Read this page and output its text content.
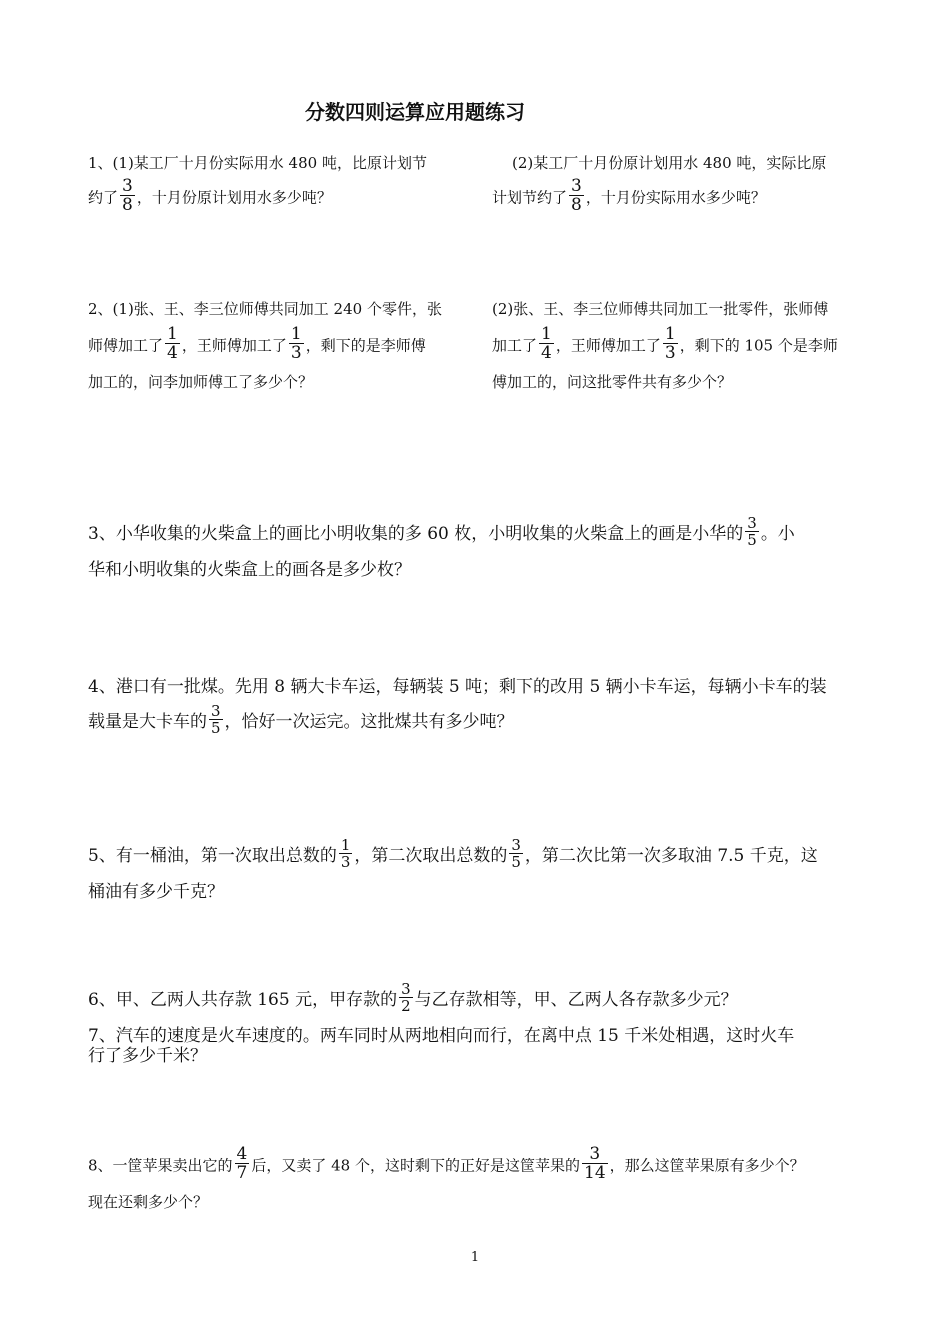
分数四则运算应用题练习
1、(1)某工厂十月份实际用水 480 吨，比原计划节
约了 $\frac{3}{8}$ ，十月份原计划用水多少吨？
(2)某工厂十月份原计划用水 480 吨，实际比原
计划节约了 $\frac{3}{8}$ ，十月份实际用水多少吨？
2、(1)张、王、李三位师傅共同加工 240 个零件，张
师傅加工了 $\frac{1}{4}$ ，王师傅加工了 $\frac{1}{3}$ ，剩下的是李师傅
加工的，问李加师傅工了多少个？
(2)张、王、李三位师傅共同加工一批零件，张师傅
加工了 $\frac{1}{4}$ ，王师傅加工了 $\frac{1}{3}$ ，剩下的 105 个是李师
傅加工的，问这批零件共有多少个？
3、小华收集的火柴盒上的画比小明收集的多 60 枚，小明收集的火柴盒上的画是小华的 $\frac{3}{5}$ 。小
华和小明收集的火柴盒上的画各是多少枚？
4、港口有一批煤。先用 8 辆大卡车运，每辆装 5 吨；剩下的改用 5 辆小卡车运，每辆小卡车的装
载量是大卡车的 $\frac{3}{5}$ ，恰好一次运完。这批煤共有多少吨？
5、有一桶油，第一次取出总数的 $\frac{1}{3}$ ，第二次取出总数的 $\frac{3}{5}$ ，第二次比第一次多取油 7.5 千克，这
桶油有多少千克？
6、甲、乙两人共存款 165 元，甲存款的 $\frac{3}{2}$ 与乙存款相等，甲、乙两人各存款多少元？
7、汽车的速度是火车速度的。两车同时从两地相向而行，在离中点 15 千米处相遇，这时火车
行了多少千米？
8、一筐苹果卖出它的 $\frac{4}{7}$ 后，又卖了 48 个，这时剩下的正好是这筐苹果的 $\frac{3}{14}$ ，那么这筐苹果原有多少个？
现在还剩多少个？
1
